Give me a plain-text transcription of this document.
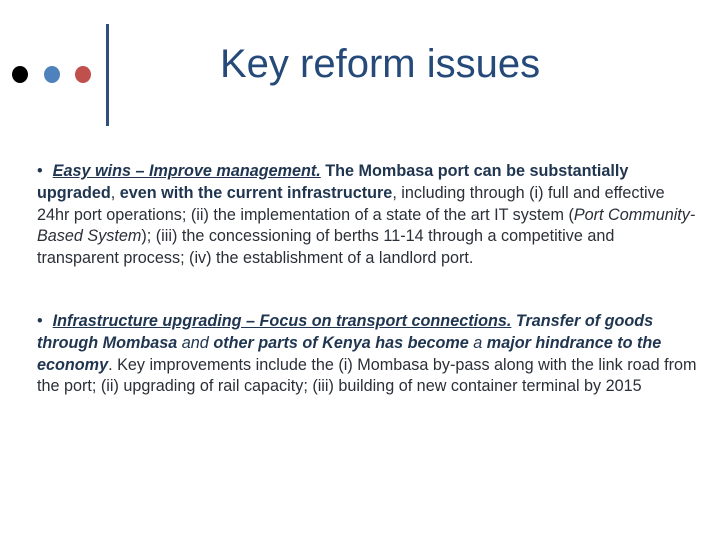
Key reform issues
• Easy wins – Improve management. The Mombasa port can be substantially upgraded, even with the current infrastructure, including through (i) full and effective 24hr port operations; (ii) the implementation of a state of the art IT system (Port Community-Based System); (iii) the concessioning of berths 11-14 through a competitive and transparent process; (iv) the establishment of a landlord port.
• Infrastructure upgrading – Focus on transport connections. Transfer of goods through Mombasa and other parts of Kenya has become a major hindrance to the economy. Key improvements include the (i) Mombasa by-pass along with the link road from the port; (ii) upgrading of rail capacity; (iii) building of new container terminal by 2015
